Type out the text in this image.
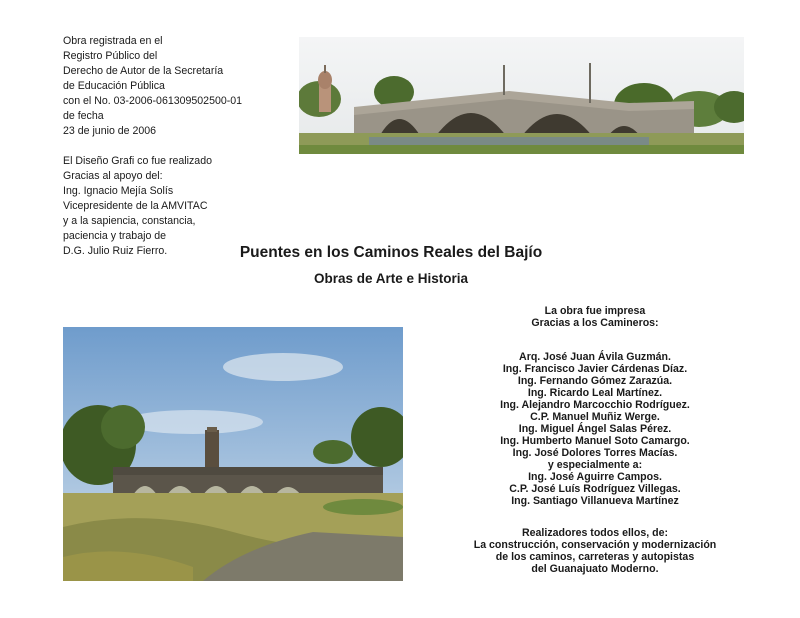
Obra registrada en el
Registro Público del
Derecho de Autor de la Secretaría
de Educación Pública
con el No. 03-2006-061309502500-01
de fecha
23 de junio de 2006
El Diseño Grafi co fue realizado
Gracias al apoyo del:
Ing. Ignacio Mejía Solís
Vicepresidente de la AMVITAC
y a la sapiencia, constancia,
paciencia y trabajo de
D.G. Julio Ruiz Fierro.	Puentes en los Caminos Reales del Bajío
Obras de Arte e Historia
La obra fue impresa
Gracias a los Camineros:
Arq. José Juan Ávila Guzmán.
Ing. Francisco Javier Cárdenas Díaz.
Ing. Fernando Gómez Zarazúa.
Ing. Ricardo Leal Martínez.
Ing. Alejandro Marcocchio Rodríguez.
C.P. Manuel Muñiz Werge.
Ing. Miguel Ángel Salas Pérez.
Ing. Humberto Manuel Soto Camargo.
Ing. José Dolores Torres Macías.
y especialmente a:
Ing. José Aguirre Campos.
C.P. José Luís Rodríguez Villegas.
Ing. Santiago Villanueva Martínez
Realizadores todos ellos, de:
La construcción, conservación y modernización
de los caminos, carreteras y autopistas
del Guanajuato Moderno.
